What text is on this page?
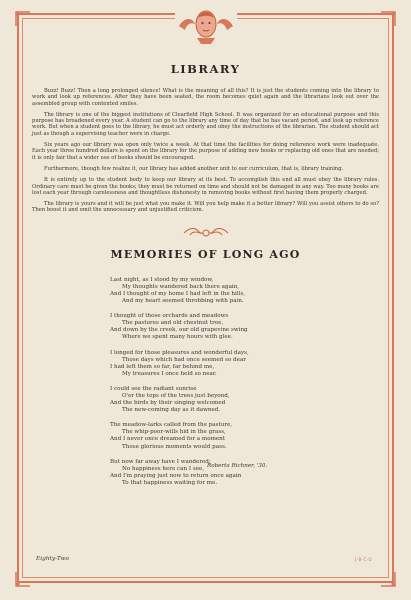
LIBRARY

Buzz! Buzz! Then a long prolonged silence! What is the meaning of all this? It is just the students coming into the library to work and look up references. After they have been seated, the room becomes quiet again and the librarians look out over the assembled group with contented smiles.

The library is one of the biggest institutions of Clearfield High School. It was organized for an educational purpose and this purpose has broadened every year. A student can go to the library any time of day that he has vacant period, and look up reference work. But when a student goes to the library, he must act orderly and obey the instructions of the librarian. The student should act just as though a supervising teacher were in charge.

Six years ago our library was open only twice a week. At that time the facilities for doing reference work were inadequate. Each year three hundred dollars is spent on the library for the purpose of adding new books or replacing old ones that are needed; it is only fair that a wider use of books should be encouraged.

Furthermore, though few realize it, our library has added another unit to our curriculum, that is, library training.

It is entirely up to the student body to keep our library at its best. To accomplish this end all must obey the library rules. Ordinary care must be given the books; they must be returned on time and should not be damaged in any way. Too many books are lost each year through carelessness and thoughtless dishonesty in removing books without first having them properly charged.

The library is yours and it will be just what you make it. Will you help make it a better library? Will you assist others to do so? Then boost it and omit the unnecessary and unjustified criticism.

MEMORIES OF LONG AGO
Last night, as I stood by my window,
My thoughts wandered back there again,
And I thought of my home I had left in the hills,
And my heart seemed throbbing with pain.
I thought of those orchards and meadows
The pastures and old chestnut tree,
And down by the creek, our old grapevine swing
Where we spent many hours with glee.
I longed for those pleasures and wonderful days,
Those days which had once seemed so dear
I had left them so far, far behind me,
My treasures I once held so near.
I could see the radiant sunrise
O'er the tops of the trees just beyond,
And the birds by their singing welcomed
The new-coming day as it dawned.
The meadow-larks called from the pasture,
The whip-poor-wills hid in the grass,
And I never once dreamed for a moment
Those glorious moments would pass.
But now far away have I wandered;
No happiness here can I see,
And I'm praying just now to return once again
To that happiness waiting for me.
Roberta Richner, '30.
Eighty-Two	J·B·C·O
